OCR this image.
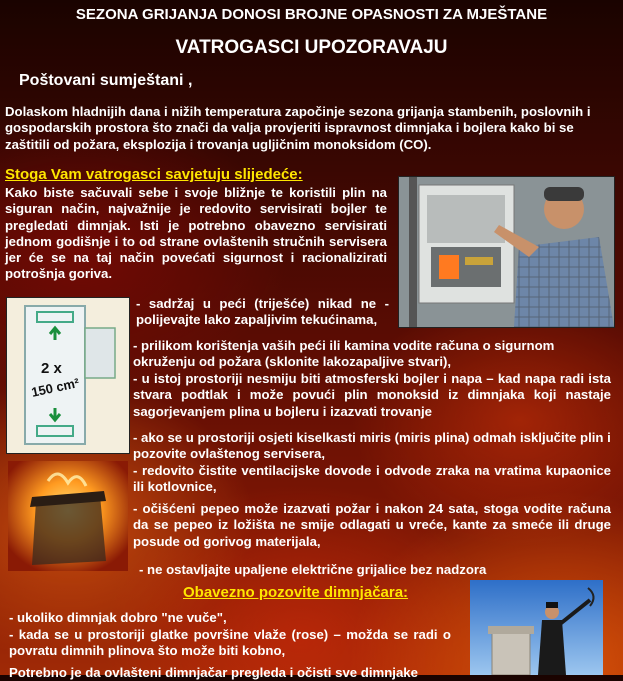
SEZONA GRIJANJA DONOSI BROJNE OPASNOSTI ZA MJEŠTANE
VATROGASCI UPOZORAVAJU
Poštovani sumještani ,
Dolaskom hladnijih dana i nižih temperatura započinje sezona grijanja stambenih, poslovnih i gospodarskih prostora što znači da valja provjeriti ispravnost dimnjaka i bojlera kako bi se zaštitili od požara, eksplozija i trovanja ugljičnim monoksidom (CO).
Stoga Vam vatrogasci savjetuju slijedeće:
Kako biste sačuvali sebe i svoje bližnje te koristili plin na siguran način, najvažnije je redovito servisirati bojler te pregledati dimnjak. Isti je potrebno obavezno servisirati jednom godišnje i to od strane ovlaštenih stručnih servisera jer će se na taj način povećati sigurnost i racionalizirati potrošnja goriva.
2 x
150 cm²
- sadržaj u peći (triješće) nikad ne - polijevajte lako zapaljivim tekućinama,
- prilikom korištenja vaših peći ili kamina vodite računa o sigurnom okruženju od požara (sklonite lakozapaljive stvari),
- u istoj prostoriji nesmiju biti atmosferski bojler i napa – kad napa radi ista stvara podtlak i može povući plin monoksid iz dimnjaka koji nastaje sagorjevanjem plina u bojleru i izazvati trovanje
- ako se u prostoriji osjeti kiselkasti miris (miris plina) odmah isključite plin i pozovite ovlaštenog servisera,
- redovito čistite ventilacijske dovode i odvode zraka na vratima kupaonice ili kotlovnice,
- očišćeni pepeo može izazvati požar i nakon 24 sata, stoga vodite računa da se pepeo iz ložišta ne smije odlagati u vreće, kante za smeće ili druge posude od gorivog materijala,
- ne ostavljajte upaljene električne grijalice bez nadzora
Obavezno pozovite dimnjačara:
- ukoliko dimnjak dobro "ne vuče",
- kada se u prostoriji glatke površine vlaže (rose) – možda se radi o povratu dimnih plinova što može biti kobno,
Potrebno je da ovlašteni dimnjačar pregleda i očisti sve dimnjake
